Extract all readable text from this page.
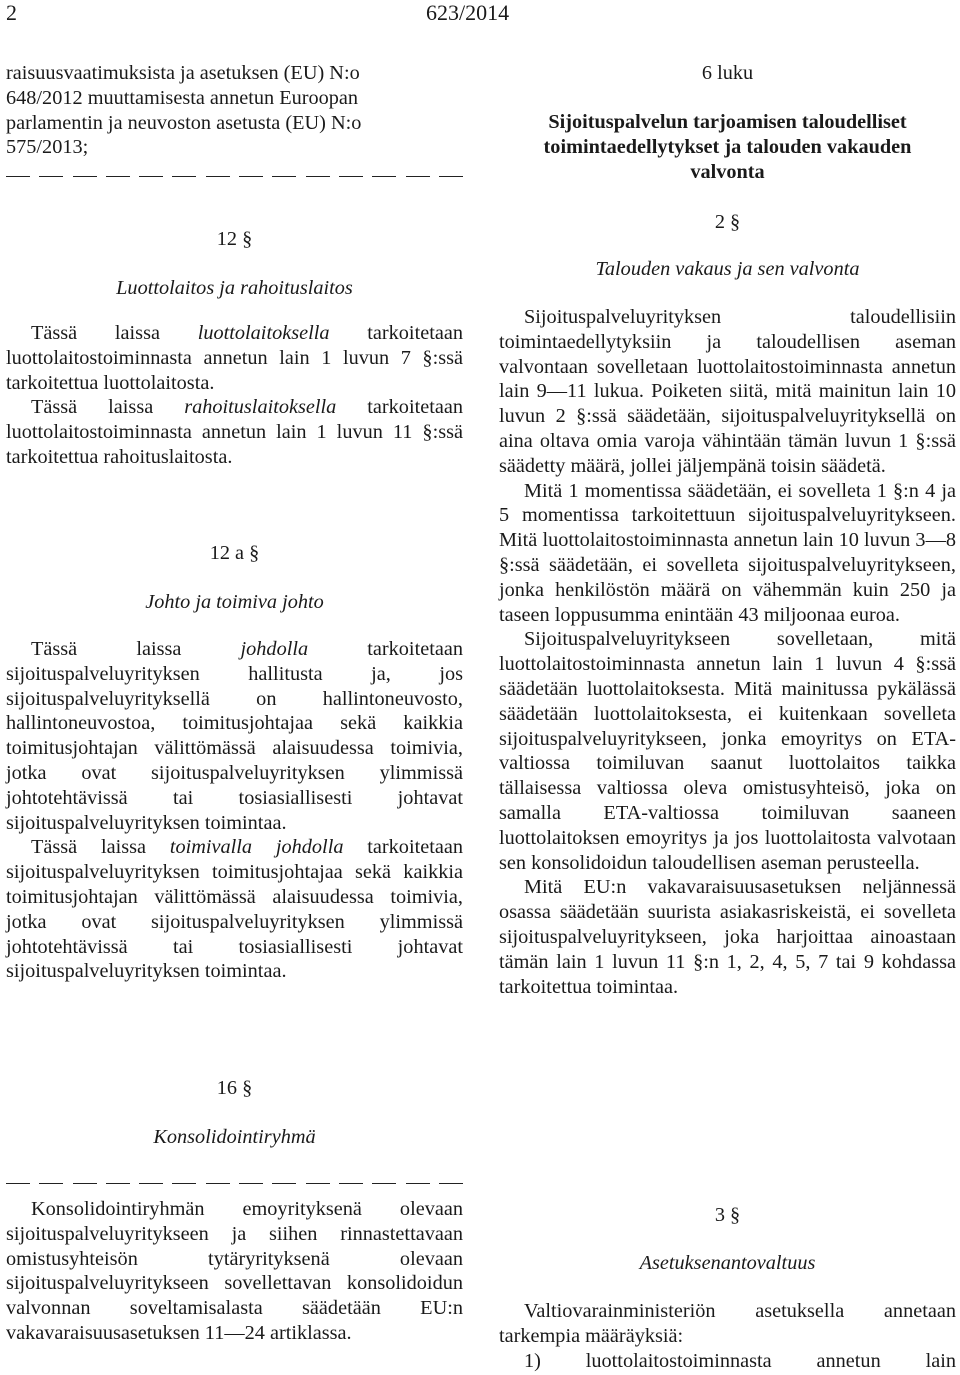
2	623/2014
raisuusvaatimuksista ja asetuksen (EU) N:o
648/2012 muuttamisesta annetun Euroopan
parlamentin ja neuvoston asetusta (EU) N:o
575/2013;
12 §
Luottolaitos ja rahoituslaitos

Tässä laissa luottolaitoksella tarkoitetaan luottolaitostoiminnasta annetun lain 1 luvun 7 §:ssä tarkoitettua luottolaitosta.

Tässä laissa rahoituslaitoksella tarkoitetaan luottolaitostoiminnasta annetun lain 1 luvun 11 §:ssä tarkoitettua rahoituslaitosta.

12 a §
Johto ja toimiva johto

Tässä laissa johdolla tarkoitetaan sijoituspalveluyrityksen hallitusta ja, jos sijoituspalveluyrityksellä on hallintoneuvosto, hallintoneuvostoa, toimitusjohtajaa sekä kaikkia toimitusjohtajan välittömässä alaisuudessa toimivia, jotka ovat sijoituspalveluyrityksen ylimmissä johtotehtävissä tai tosiasiallisesti johtavat sijoituspalveluyrityksen toimintaa.

Tässä laissa toimivalla johdolla tarkoitetaan sijoituspalveluyrityksen toimitusjohtajaa sekä kaikkia toimitusjohtajan välittömässä alaisuudessa toimivia, jotka ovat sijoituspalveluyrityksen ylimmissä johtotehtävissä tai tosiasiallisesti johtavat sijoituspalveluyrityksen toimintaa.

16 §
Konsolidointiryhmä

Konsolidointiryhmän emoyrityksenä olevaan sijoituspalveluyritykseen ja siihen rinnastettavaan omistusyhteisön tytäryrityksenä olevaan sijoituspalveluyritykseen sovellettavan konsolidoidun valvonnan soveltamisalasta säädetään EU:n vakavaraisuusasetuksen 11—24 artiklassa.

6 luku
Sijoituspalvelun tarjoamisen taloudelliset
toimintaedellytykset ja talouden vakauden
valvonta
2 §
Talouden vakaus ja sen valvonta

Sijoituspalveluyrityksen taloudellisiin toimintaedellytyksiin ja taloudellisen aseman valvontaan sovelletaan luottolaitostoiminnasta annetun lain 9—11 lukua. Poiketen siitä, mitä mainitun lain 10 luvun 2 §:ssä säädetään, sijoituspalveluyrityksellä on aina oltava omia varoja vähintään tämän luvun 1 §:ssä säädetty määrä, jollei jäljempänä toisin säädetä.

Mitä 1 momentissa säädetään, ei sovelleta 1 §:n 4 ja 5 momentissa tarkoitettuun sijoituspalveluyritykseen. Mitä luottolaitostoiminnasta annetun lain 10 luvun 3—8 §:ssä säädetään, ei sovelleta sijoituspalveluyritykseen, jonka henkilöstön määrä on vähemmän kuin 250 ja taseen loppusumma enintään 43 miljoonaa euroa.

Sijoituspalveluyritykseen sovelletaan, mitä luottolaitostoiminnasta annetun lain 1 luvun 4 §:ssä säädetään luottolaitoksesta. Mitä mainitussa pykälässä säädetään luottolaitoksesta, ei kuitenkaan sovelleta sijoituspalveluyritykseen, jonka emoyritys on ETA-valtiossa toimiluvan saanut luottolaitos taikka tällaisessa valtiossa oleva omistusyhteisö, joka on samalla ETA-valtiossa toimiluvan saaneen luottolaitoksen emoyritys ja jos luottolaitosta valvotaan sen konsolidoidun taloudellisen aseman perusteella.

Mitä EU:n vakavaraisuusasetuksen neljännessä osassa säädetään suurista asiakasriskeistä, ei sovelleta sijoituspalveluyritykseen, joka harjoittaa ainoastaan tämän lain 1 luvun 11 §:n 1, 2, 4, 5, 7 tai 9 kohdassa tarkoitettua toimintaa.

3 §
Asetuksenantovaltuus

Valtiovarainministeriön asetuksella annetaan tarkempia määräyksiä:

1) luottolaitostoiminnasta annetun lain
